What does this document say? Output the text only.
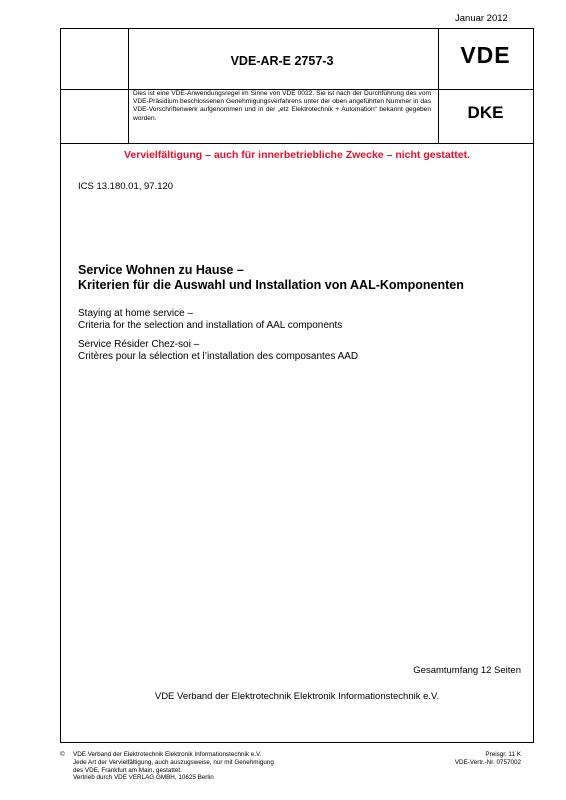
Januar 2012
VDE-AR-E 2757-3	VDE
Dies ist eine VDE-Anwendungsregel im Sinne von VDE 0022. Sie ist nach der Durchführung des vom VDE-Präsidium beschlossenen Genehmigungsverfahrens unter der oben angeführten Nummer in das VDE-Vorschriftenwerk aufgenommen und in der „etz Elektrotechnik + Automation“ bekannt gegeben worden.	DKE
Vervielfältigung – auch für innerbetriebliche Zwecke – nicht gestattet.
ICS 13.180.01, 97.120
Service Wohnen zu Hause –
Kriterien für die Auswahl und Installation von AAL-Komponenten
Staying at home service –
Criteria for the selection and installation of AAL components
Service Résider Chez-soi –
Critères pour la sélection et l’installation des composantes AAD
Gesamtumfang 12 Seiten
VDE Verband der Elektrotechnik Elektronik Informationstechnik e.V.
© VDE Verband der Elektrotechnik Elektronik Informationstechnik e.V.
Jede Art der Vervielfältigung, auch auszugsweise, nur mit Genehmigung
des VDE, Frankfurt am Main, gestattet.
Vertrieb durch VDE VERLAG GMBH, 10625 Berlin
Preisgr. 11 K
VDE-Vertr.-Nr. 0757002
